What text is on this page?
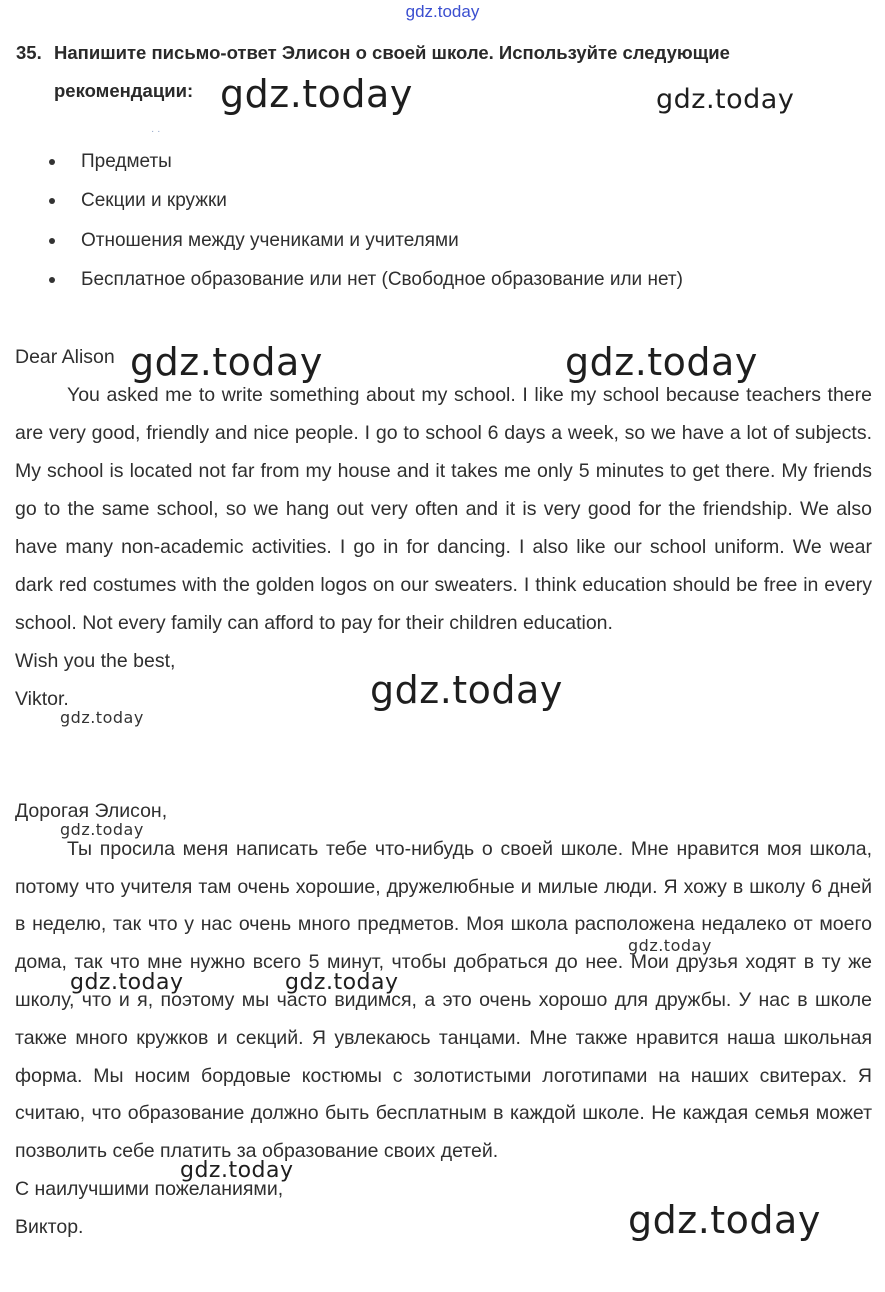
gdz.today
35. Напишите письмо-ответ Элисон о своей школе. Используйте следующие
рекомендации:
· ·
Предметы
Секции и кружки
Отношения между учениками и учителями
Бесплатное образование или нет (Свободное образование или нет)
Dear Alison
You asked me to write something about my school. I like my school because teachers there are very good, friendly and nice people. I go to school 6 days a week, so we have a lot of subjects. My school is located not far from my house and it takes me only 5 minutes to get there. My friends go to the same school, so we hang out very often and it is very good for the friendship. We also have many non-academic activities. I go in for dancing. I also like our school uniform. We wear dark red costumes with the golden logos on our sweaters. I think education should be free in every school. Not every family can afford to pay for their children education.
Wish you the best,
Viktor.
Дорогая Элисон,
Ты просила меня написать тебе что-нибудь о своей школе. Мне нравится моя школа, потому что учителя там очень хорошие, дружелюбные и милые люди. Я хожу в школу 6 дней в неделю, так что у нас очень много предметов. Моя школа расположена недалеко от моего дома, так что мне нужно всего 5 минут, чтобы добраться до нее. Мои друзья ходят в ту же школу, что и я, поэтому мы часто видимся, а это очень хорошо для дружбы. У нас в школе также много кружков и секций. Я увлекаюсь танцами. Мне также нравится наша школьная форма. Мы носим бордовые костюмы с золотистыми логотипами на наших свитерах. Я считаю, что образование должно быть бесплатным в каждой школе. Не каждая семья может позволить себе платить за образование своих детей.
С наилучшими пожеланиями,
Виктор.
gdz.today	gdz.today
gdz.today	gdz.today
gdz.today
gdz.today
gdz.today
gdz.today
gdz.today	gdz.today
gdz.today
gdz.today
